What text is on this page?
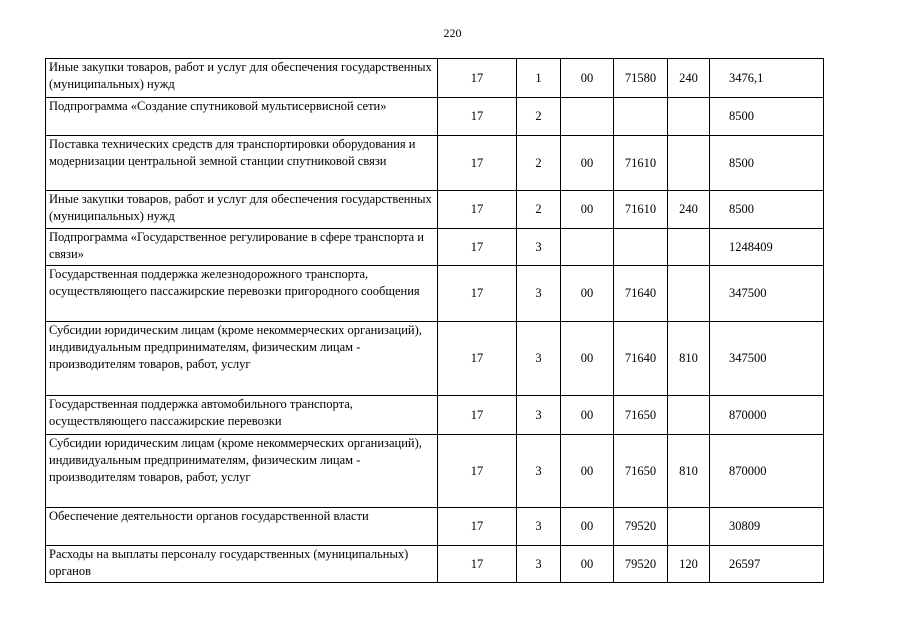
220
Иные закупки товаров, работ и услуг для обеспечения государственных (муниципальных) нужд	17	1	00	71580	240	3476,1
Подпрограмма «Создание спутниковой мультисервисной сети»	17	2				8500
Поставка технических средств для транспортировки оборудования и модернизации центральной земной станции спутниковой связи	17	2	00	71610		8500
Иные закупки товаров, работ и услуг для обеспечения государственных (муниципальных) нужд	17	2	00	71610	240	8500
Подпрограмма «Государственное регулирование в сфере транспорта и связи»	17	3				1248409
Государственная поддержка железнодорожного транспорта, осуществляющего пассажирские перевозки пригородного сообщения	17	3	00	71640		347500
Субсидии юридическим лицам (кроме некоммерческих организаций), индивидуальным предпринимателям, физическим лицам - производителям товаров, работ, услуг	17	3	00	71640	810	347500
Государственная поддержка автомобильного транспорта, осуществляющего пассажирские перевозки	17	3	00	71650		870000
Субсидии юридическим лицам (кроме некоммерческих организаций), индивидуальным предпринимателям, физическим лицам - производителям товаров, работ, услуг	17	3	00	71650	810	870000
Обеспечение деятельности органов государственной власти	17	3	00	79520		30809
Расходы на выплаты персоналу государственных (муниципальных) органов	17	3	00	79520	120	26597
